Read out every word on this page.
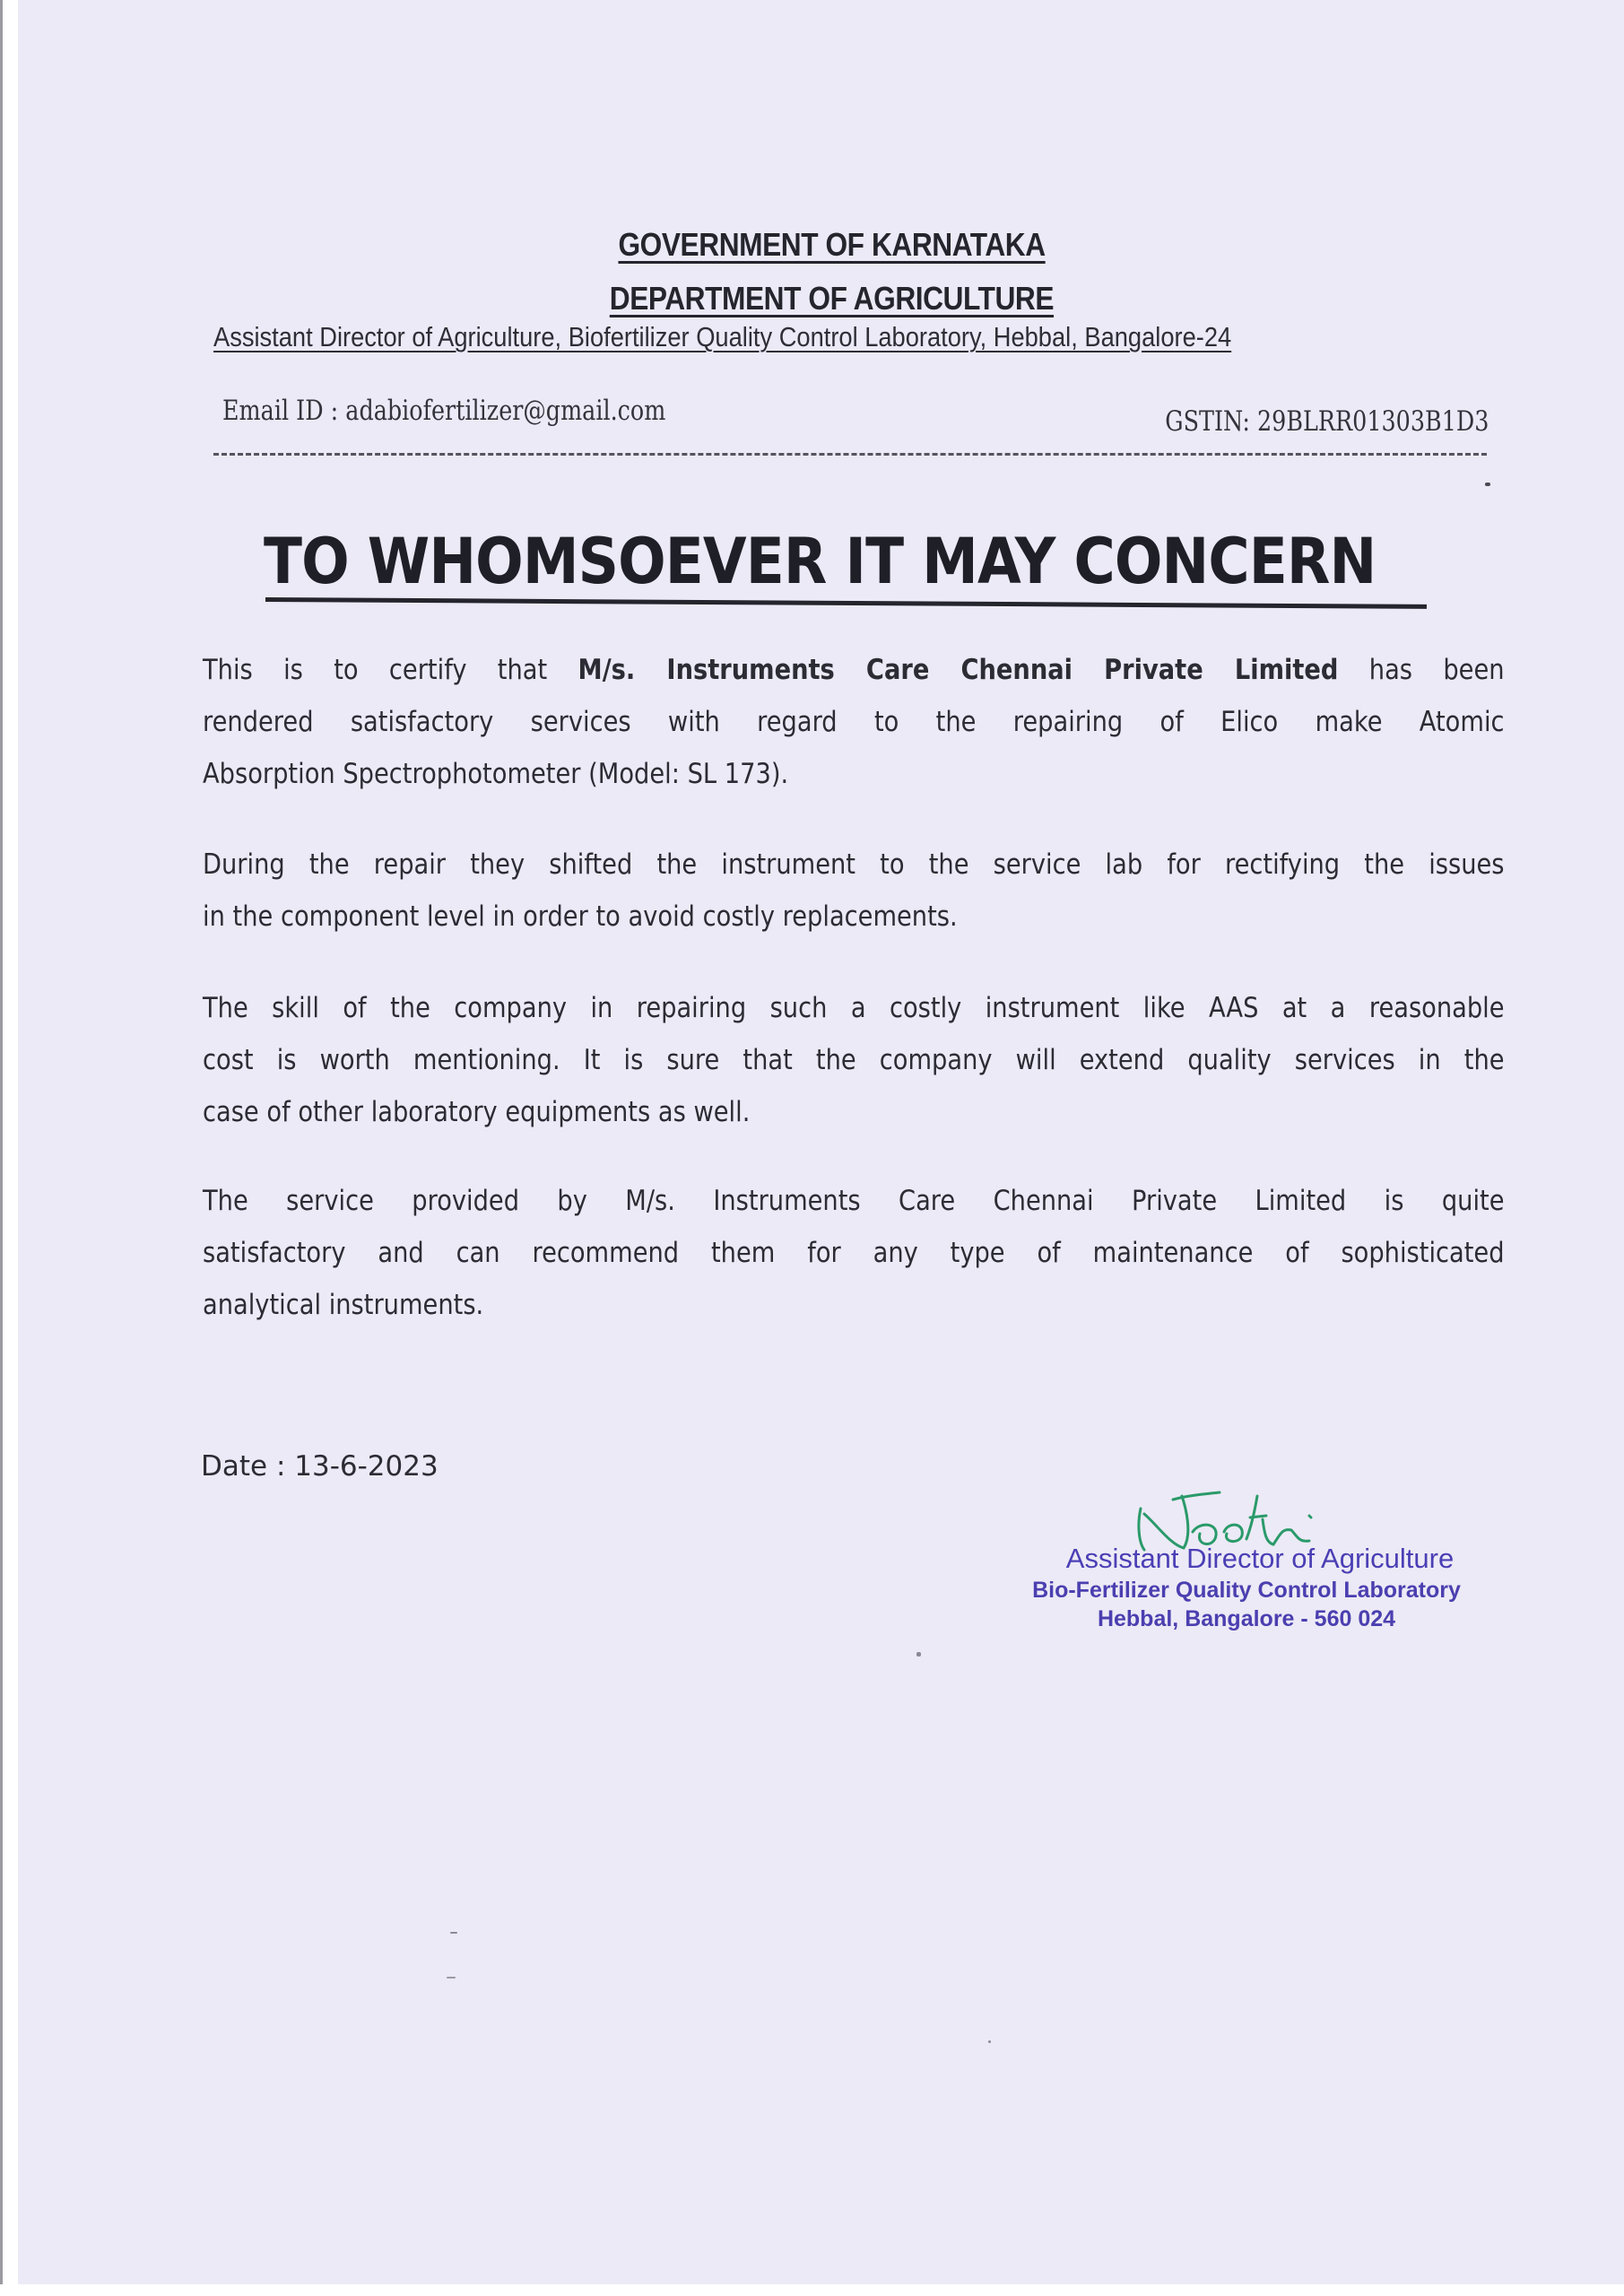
GOVERNMENT OF KARNATAKA
DEPARTMENT OF AGRICULTURE
Assistant Director of Agriculture, Biofertilizer Quality Control Laboratory, Hebbal, Bangalore-24
Email ID : adabiofertilizer@gmail.com	GSTIN: 29BLRR01303B1D3
TO WHOMSOEVER IT MAY CONCERN
This is to certify that M/s. Instruments Care Chennai Private Limited has been
rendered satisfactory services with regard to the repairing of Elico make Atomic
Absorption Spectrophotometer (Model: SL 173).
During the repair they shifted the instrument to the service lab for rectifying the issues
in the component level in order to avoid costly replacements.
The skill of the company in repairing such a costly instrument like AAS at a reasonable
cost is worth mentioning. It is sure that the company will extend quality services in the
case of other laboratory equipments as well.
The service provided by M/s. Instruments Care Chennai Private Limited is quite
satisfactory and can recommend them for any type of maintenance of sophisticated
analytical instruments.
Date : 13-6-2023
Assistant Director of Agriculture
Bio-Fertilizer Quality Control Laboratory
Hebbal, Bangalore - 560 024
